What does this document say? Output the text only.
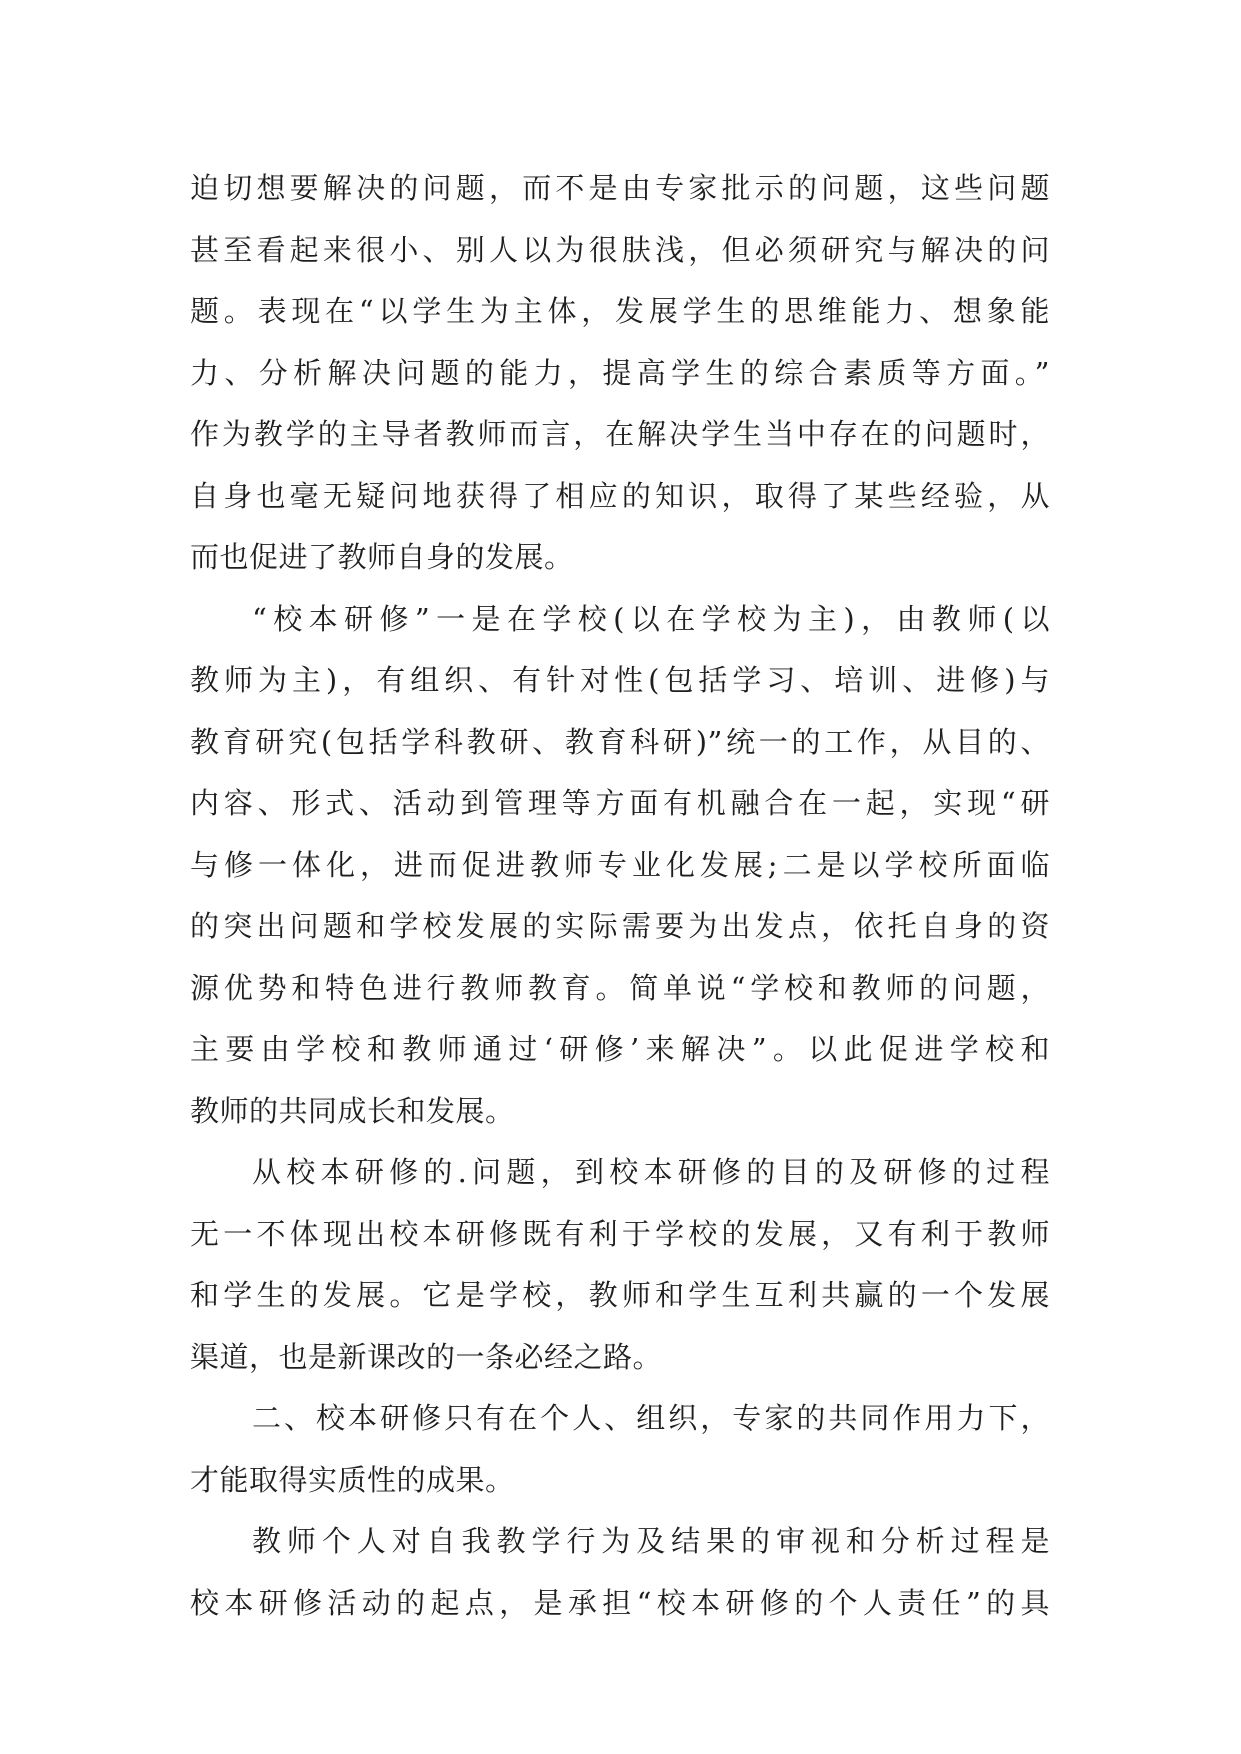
迫切想要解决的问题，而不是由专家批示的问题，这些问题
甚至看起来很小、别人以为很肤浅，但必须研究与解决的问
题。表现在“以学生为主体，发展学生的思维能力、想象能
力、分析解决问题的能力，提高学生的综合素质等方面。”
作为教学的主导者教师而言，在解决学生当中存在的问题时，
自身也毫无疑问地获得了相应的知识，取得了某些经验，从
而也促进了教师自身的发展。
“校本研修”一是在学校(以在学校为主)，由教师(以
教师为主)，有组织、有针对性(包括学习、培训、进修)与
教育研究(包括学科教研、教育科研)”统一的工作，从目的、
内容、形式、活动到管理等方面有机融合在一起，实现“研
与修一体化，进而促进教师专业化发展;二是以学校所面临
的突出问题和学校发展的实际需要为出发点，依托自身的资
源优势和特色进行教师教育。简单说“学校和教师的问题，
主要由学校和教师通过‘研修’来解决”。以此促进学校和
教师的共同成长和发展。
从校本研修的.问题，到校本研修的目的及研修的过程
无一不体现出校本研修既有利于学校的发展，又有利于教师
和学生的发展。它是学校，教师和学生互利共赢的一个发展
渠道，也是新课改的一条必经之路。
二、校本研修只有在个人、组织，专家的共同作用力下，
才能取得实质性的成果。
教师个人对自我教学行为及结果的审视和分析过程是
校本研修活动的起点，是承担“校本研修的个人责任”的具
